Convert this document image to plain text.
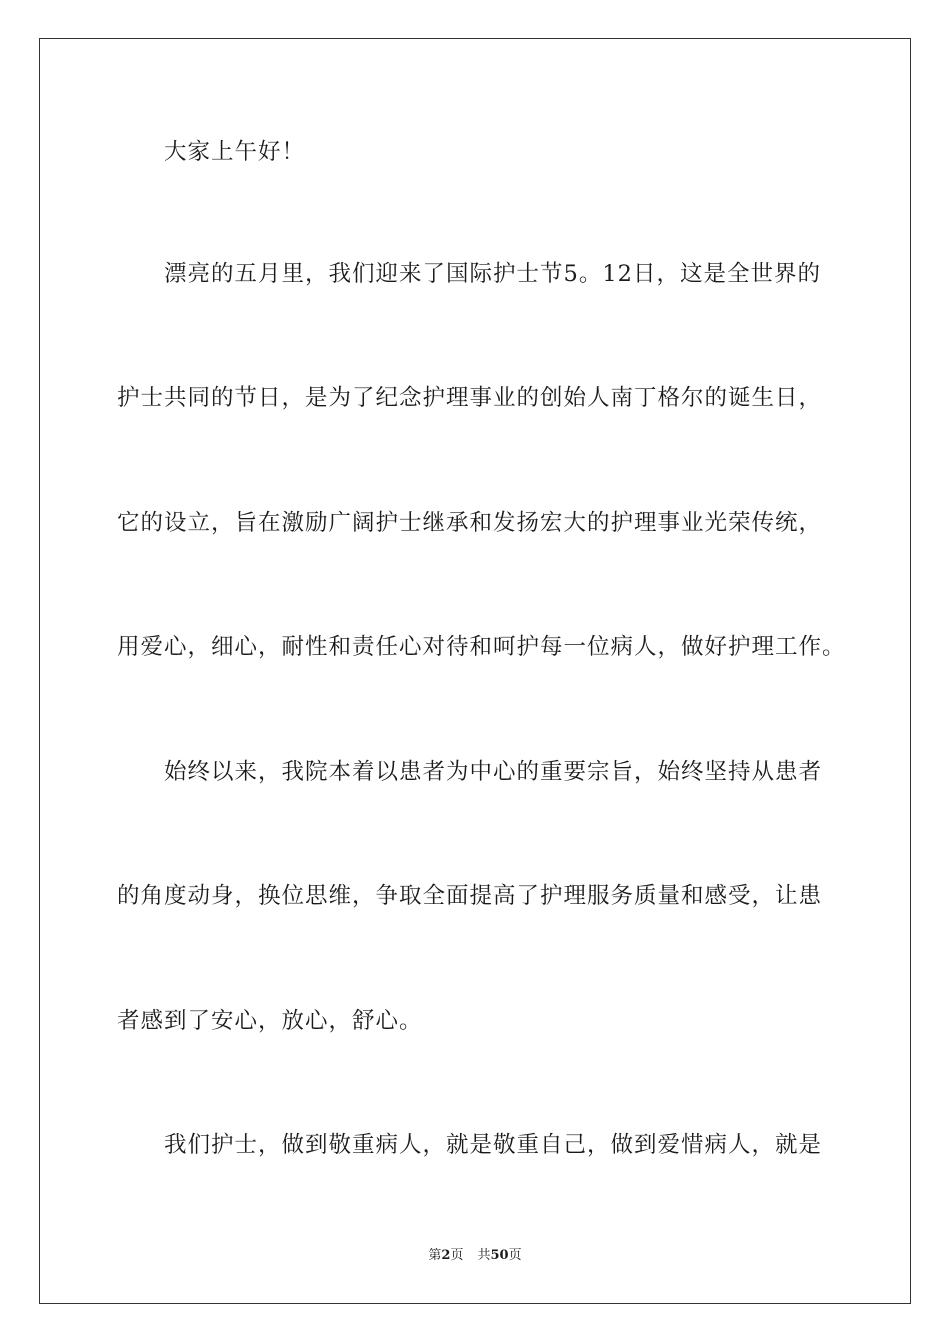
大家上午好！
漂亮的五月里，我们迎来了国际护士节5。12日，这是全世界的
护士共同的节日，是为了纪念护理事业的创始人南丁格尔的诞生日，
它的设立，旨在激励广阔护士继承和发扬宏大的护理事业光荣传统，
用爱心，细心，耐性和责任心对待和呵护每一位病人，做好护理工作。
始终以来，我院本着以患者为中心的重要宗旨，始终坚持从患者
的角度动身，换位思维，争取全面提高了护理服务质量和感受，让患
者感到了安心，放心，舒心。
我们护士，做到敬重病人，就是敬重自己，做到爱惜病人，就是
第2页 共50页
